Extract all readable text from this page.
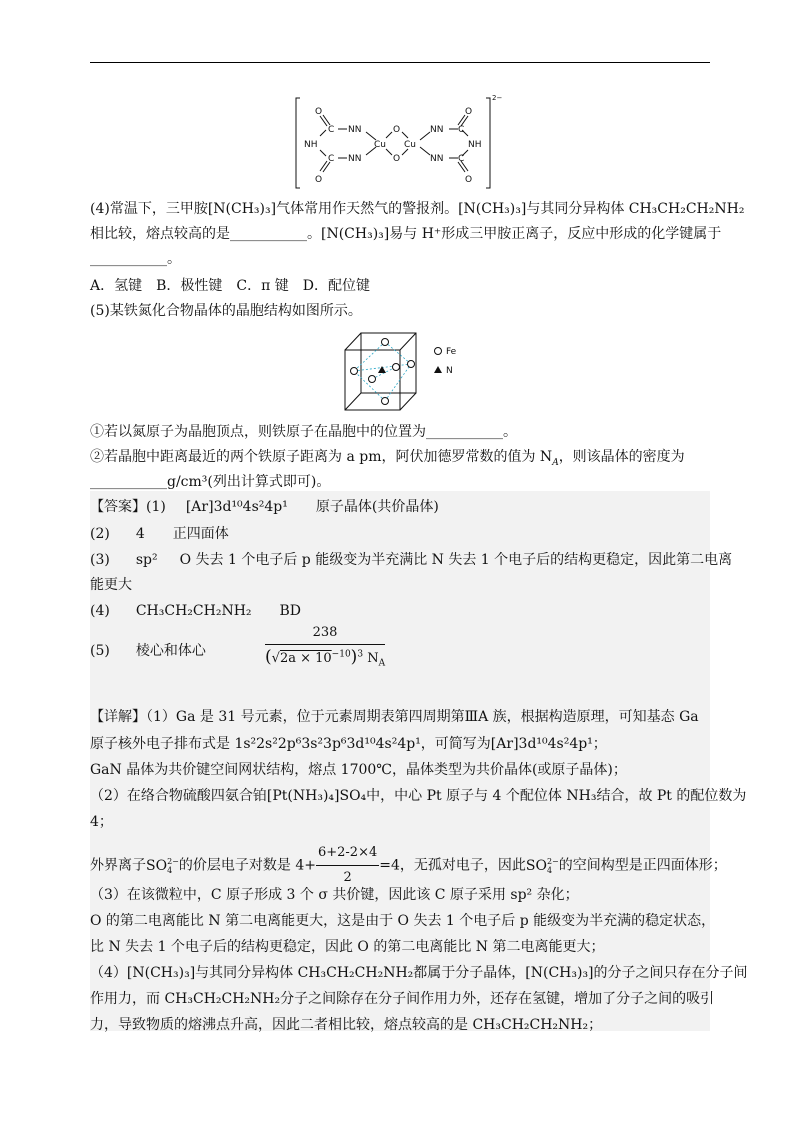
O
C NN
NH
C NN
O
Cu
O
O
Cu
NN
NN
C
C
NH
O
O
2−
(4)常温下，三甲胺[N(CH₃)₃]气体常用作天然气的警报剂。[N(CH₃)₃]与其同分异构体 CH₃CH₂CH₂NH₂
相比较，熔点较高的是___________。[N(CH₃)₃]易与 H⁺形成三甲胺正离子，反应中形成的化学键属于
___________。
A．氢键　B．极性键　C．π 键　D．配位键
(5)某铁氮化合物晶体的晶胞结构如图所示。
Fe
N
①若以氮原子为晶胞顶点，则铁原子在晶胞中的位置为___________。
②若晶胞中距离最近的两个铁原子距离为 a pm，阿伏加德罗常数的值为 $N_A$，则该晶体的密度为
___________g/cm³(列出计算式即可)。
【答案】(1) [Ar]3d¹⁰4s²4p¹ 原子晶体(共价晶体)
(2) 4 正四面体
(3) sp² O 失去 1 个电子后 p 能级变为半充满比 N 失去 1 个电子后的结构更稳定，因此第二电离
能更大
(4) CH₃CH₂CH₂NH₂ BD
(5) 棱心和体心	$\frac{238}{(√2a \times 10^{-10})^3 N_A}$
【详解】（1）Ga 是 31 号元素，位于元素周期表第四周期第ⅢA 族，根据构造原理，可知基态 Ga
原子核外电子排布式是 1s²2s²2p⁶3s²3p⁶3d¹⁰4s²4p¹，可简写为[Ar]3d¹⁰4s²4p¹；
GaN 晶体为共价键空间网状结构，熔点 1700℃，晶体类型为共价晶体(或原子晶体)；
（2）在络合物硫酸四氨合铂[Pt(NH₃)₄]SO₄中，中心 Pt 原子与 4 个配位体 NH₃结合，故 Pt 的配位数为
4；
外界离子SO2−
4 的价层电子对数是 $4+ \frac{6+2-2\times 4}{2} =4$，无孤对电子，因此SO2−
4 的空间构型是正四面体形；
（3）在该微粒中，C 原子形成 3 个 σ 共价键，因此该 C 原子采用 sp² 杂化；
O 的第二电离能比 N 第二电离能更大，这是由于 O 失去 1 个电子后 p 能级变为半充满的稳定状态，
比 N 失去 1 个电子后的结构更稳定，因此 O 的第二电离能比 N 第二电离能更大；
（4）[N(CH₃)₃]与其同分异构体 CH₃CH₂CH₂NH₂都属于分子晶体，[N(CH₃)₃]的分子之间只存在分子间
作用力，而 CH₃CH₂CH₂NH₂分子之间除存在分子间作用力外，还存在氢键，增加了分子之间的吸引
力，导致物质的熔沸点升高，因此二者相比较，熔点较高的是 CH₃CH₂CH₂NH₂；
